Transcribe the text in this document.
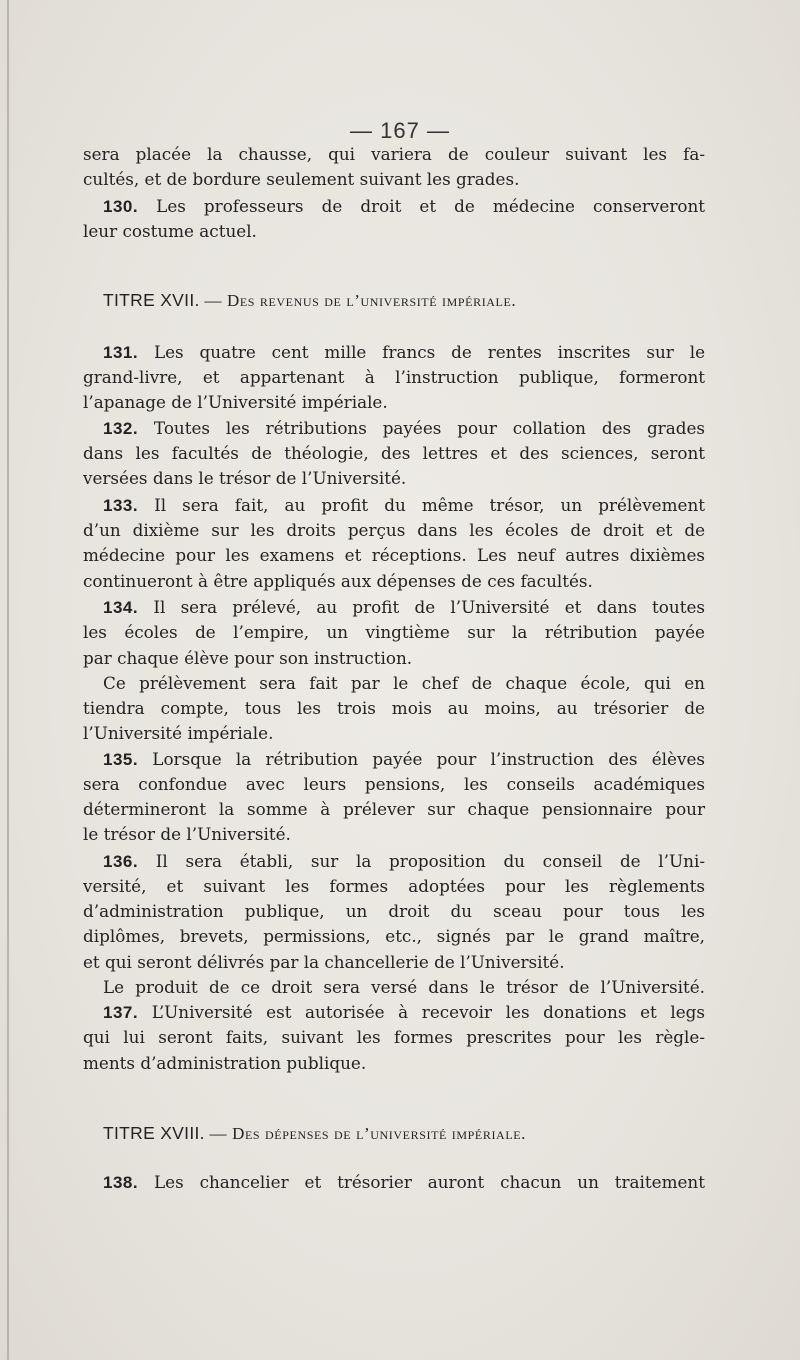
— 167 —
sera placée la chausse, qui variera de couleur suivant les fa-
cultés, et de bordure seulement suivant les grades.
130. Les professeurs de droit et de médecine conserveront
leur costume actuel.
TITRE XVII. — Des revenus de l’université impériale.
131. Les quatre cent mille francs de rentes inscrites sur le
grand-livre, et appartenant à l’instruction publique, formeront
l’apanage de l’Université impériale.
132. Toutes les rétributions payées pour collation des grades
dans les facultés de théologie, des lettres et des sciences, seront
versées dans le trésor de l’Université.
133. Il sera fait, au profit du même trésor, un prélèvement
d’un dixième sur les droits perçus dans les écoles de droit et de
médecine pour les examens et réceptions. Les neuf autres dixièmes
continueront à être appliqués aux dépenses de ces facultés.
134. Il sera prélevé, au profit de l’Université et dans toutes
les écoles de l’empire, un vingtième sur la rétribution payée
par chaque élève pour son instruction.
Ce prélèvement sera fait par le chef de chaque école, qui en
tiendra compte, tous les trois mois au moins, au trésorier de
l’Université impériale.
135. Lorsque la rétribution payée pour l’instruction des élèves
sera confondue avec leurs pensions, les conseils académiques
détermineront la somme à prélever sur chaque pensionnaire pour
le trésor de l’Université.
136. Il sera établi, sur la proposition du conseil de l’Uni-
versité, et suivant les formes adoptées pour les règlements
d’administration publique, un droit du sceau pour tous les
diplômes, brevets, permissions, etc., signés par le grand maître,
et qui seront délivrés par la chancellerie de l’Université.
Le produit de ce droit sera versé dans le trésor de l’Université.
137. L’Université est autorisée à recevoir les donations et legs
qui lui seront faits, suivant les formes prescrites pour les règle-
ments d’administration publique.
TITRE XVIII. — Des dépenses de l’université impériale.
138. Les chancelier et trésorier auront chacun un traitement
